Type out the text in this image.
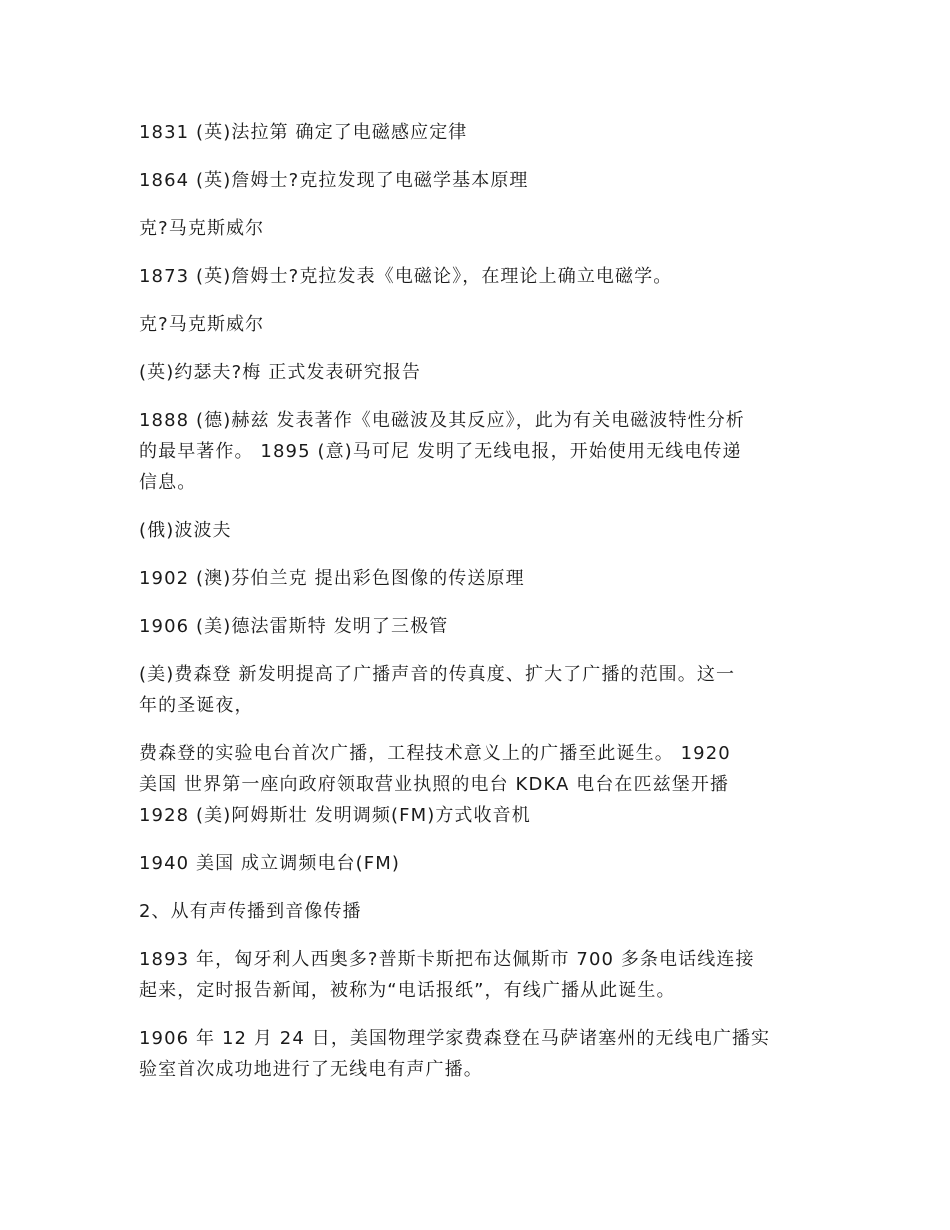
1831 (英)法拉第 确定了电磁感应定律

1864 (英)詹姆士?克拉发现了电磁学基本原理

克?马克斯威尔

1873 (英)詹姆士?克拉发表《电磁论》，在理论上确立电磁学。

克?马克斯威尔

(英)约瑟夫?梅 正式发表研究报告

1888 (德)赫兹 发表著作《电磁波及其反应》，此为有关电磁波特性分析
的最早著作。 1895 (意)马可尼 发明了无线电报，开始使用无线电传递
信息。

(俄)波波夫

1902 (澳)芬伯兰克 提出彩色图像的传送原理

1906 (美)德法雷斯特 发明了三极管

(美)费森登 新发明提高了广播声音的传真度、扩大了广播的范围。这一
年的圣诞夜，

费森登的实验电台首次广播，工程技术意义上的广播至此诞生。 1920
美国 世界第一座向政府领取营业执照的电台 KDKA 电台在匹兹堡开播
1928 (美)阿姆斯壮 发明调频(FM)方式收音机

1940 美国 成立调频电台(FM)

2、从有声传播到音像传播

1893 年，匈牙利人西奥多?普斯卡斯把布达佩斯市 700 多条电话线连接
起来，定时报告新闻，被称为“电话报纸”，有线广播从此诞生。

1906 年 12 月 24 日，美国物理学家费森登在马萨诸塞州的无线电广播实
验室首次成功地进行了无线电有声广播。
